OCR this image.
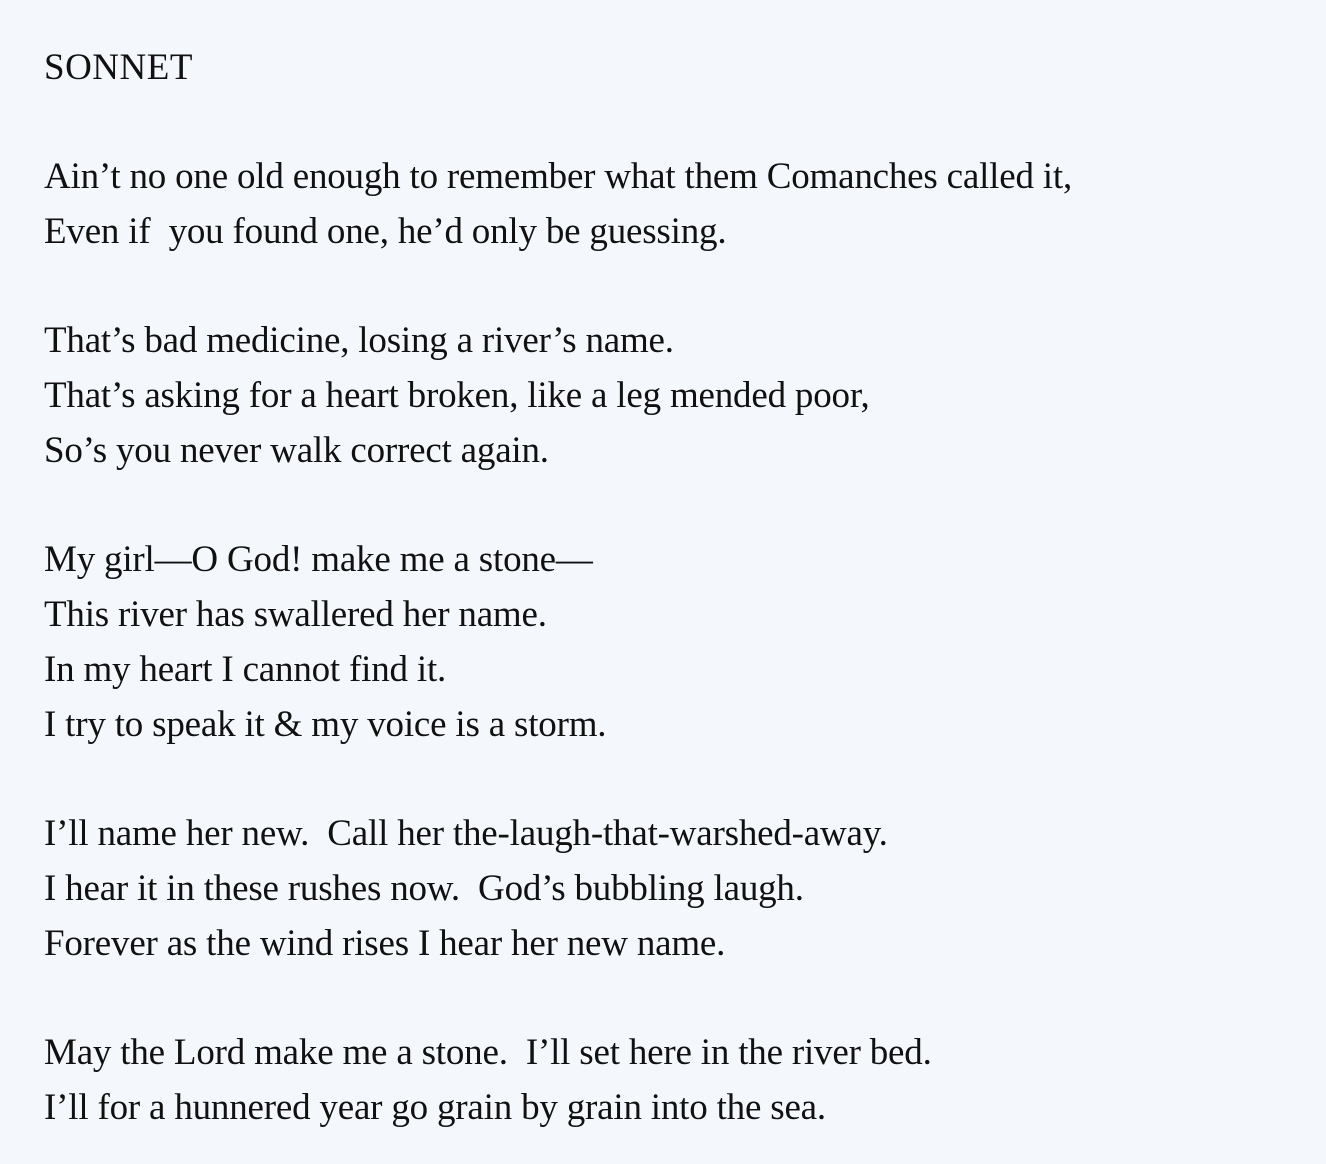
SONNET
Ain’t no one old enough to remember what them Comanches called it,
Even if  you found one, he’d only be guessing.
That’s bad medicine, losing a river’s name.
That’s asking for a heart broken, like a leg mended poor,
So’s you never walk correct again.
My girl—O God! make me a stone—
This river has swallered her name.
In my heart I cannot find it.
I try to speak it & my voice is a storm.
I’ll name her new.  Call her the-laugh-that-warshed-away.
I hear it in these rushes now.  God’s bubbling laugh.
Forever as the wind rises I hear her new name.
May the Lord make me a stone.  I’ll set here in the river bed.
I’ll for a hunnered year go grain by grain into the sea.
